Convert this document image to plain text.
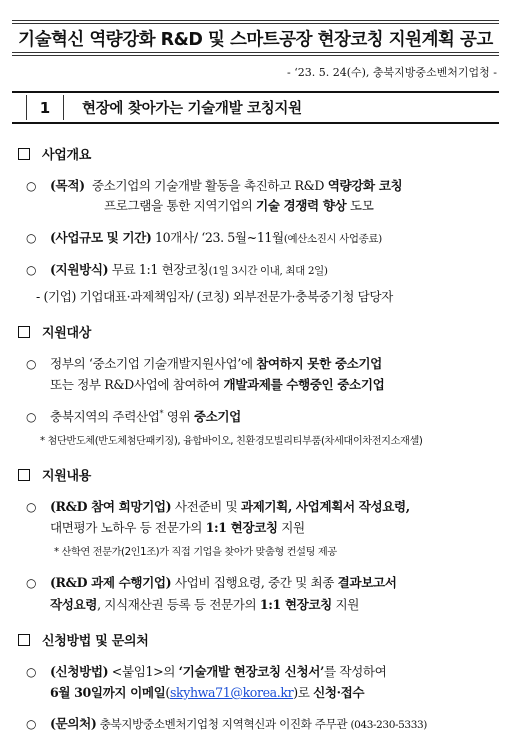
기술혁신 역량강화 R&D 및 스마트공장 현장코칭 지원계획 공고
- ‘23. 5. 24(수), 충북지방중소벤처기업청 -
1	현장에 찾아가는 기술개발 코칭지원
사업개요
○ (목적) 중소기업의 기술개발 활동을 촉진하고 R&D 역량강화 코칭
프로그램을 통한 지역기업의 기술 경쟁력 향상 도모
○ (사업규모 및 기간) 10개사/ ‘23. 5월~11월(예산소진시 사업종료)
○ (지원방식) 무료 1:1 현장코칭(1일 3시간 이내, 최대 2일)
- (기업) 기업대표·과제책임자/ (코칭) 외부전문가·충북중기청 담당자
지원대상
○ 정부의 ‘중소기업 기술개발지원사업’에 참여하지 못한 중소기업
또는 정부 R&D사업에 참여하여 개발과제를 수행중인 중소기업
○ 충북지역의 주력산업* 영위 중소기업
* 첨단반도체(반도체첨단패키징), 융합바이오, 친환경모빌리티부품(차세대이차전지소재셀)
지원내용
○ (R&D 참여 희망기업) 사전준비 및 과제기획, 사업계획서 작성요령,
대면평가 노하우 등 전문가의 1:1 현장코칭 지원
* 산학연 전문가(2인1조)가 직접 기업을 찾아가 맞춤형 컨설팅 제공
○ (R&D 과제 수행기업) 사업비 집행요령, 중간 및 최종 결과보고서
작성요령, 지식재산권 등록 등 전문가의 1:1 현장코칭 지원
신청방법 및 문의처
○ (신청방법) <붙임1>의 ‘기술개발 현장코칭 신청서’를 작성하여
6월 30일까지 이메일(skyhwa71@korea.kr)로 신청·접수
○ (문의처) 충북지방중소벤처기업청 지역혁신과 이진화 주무관 (043-230-5333)
